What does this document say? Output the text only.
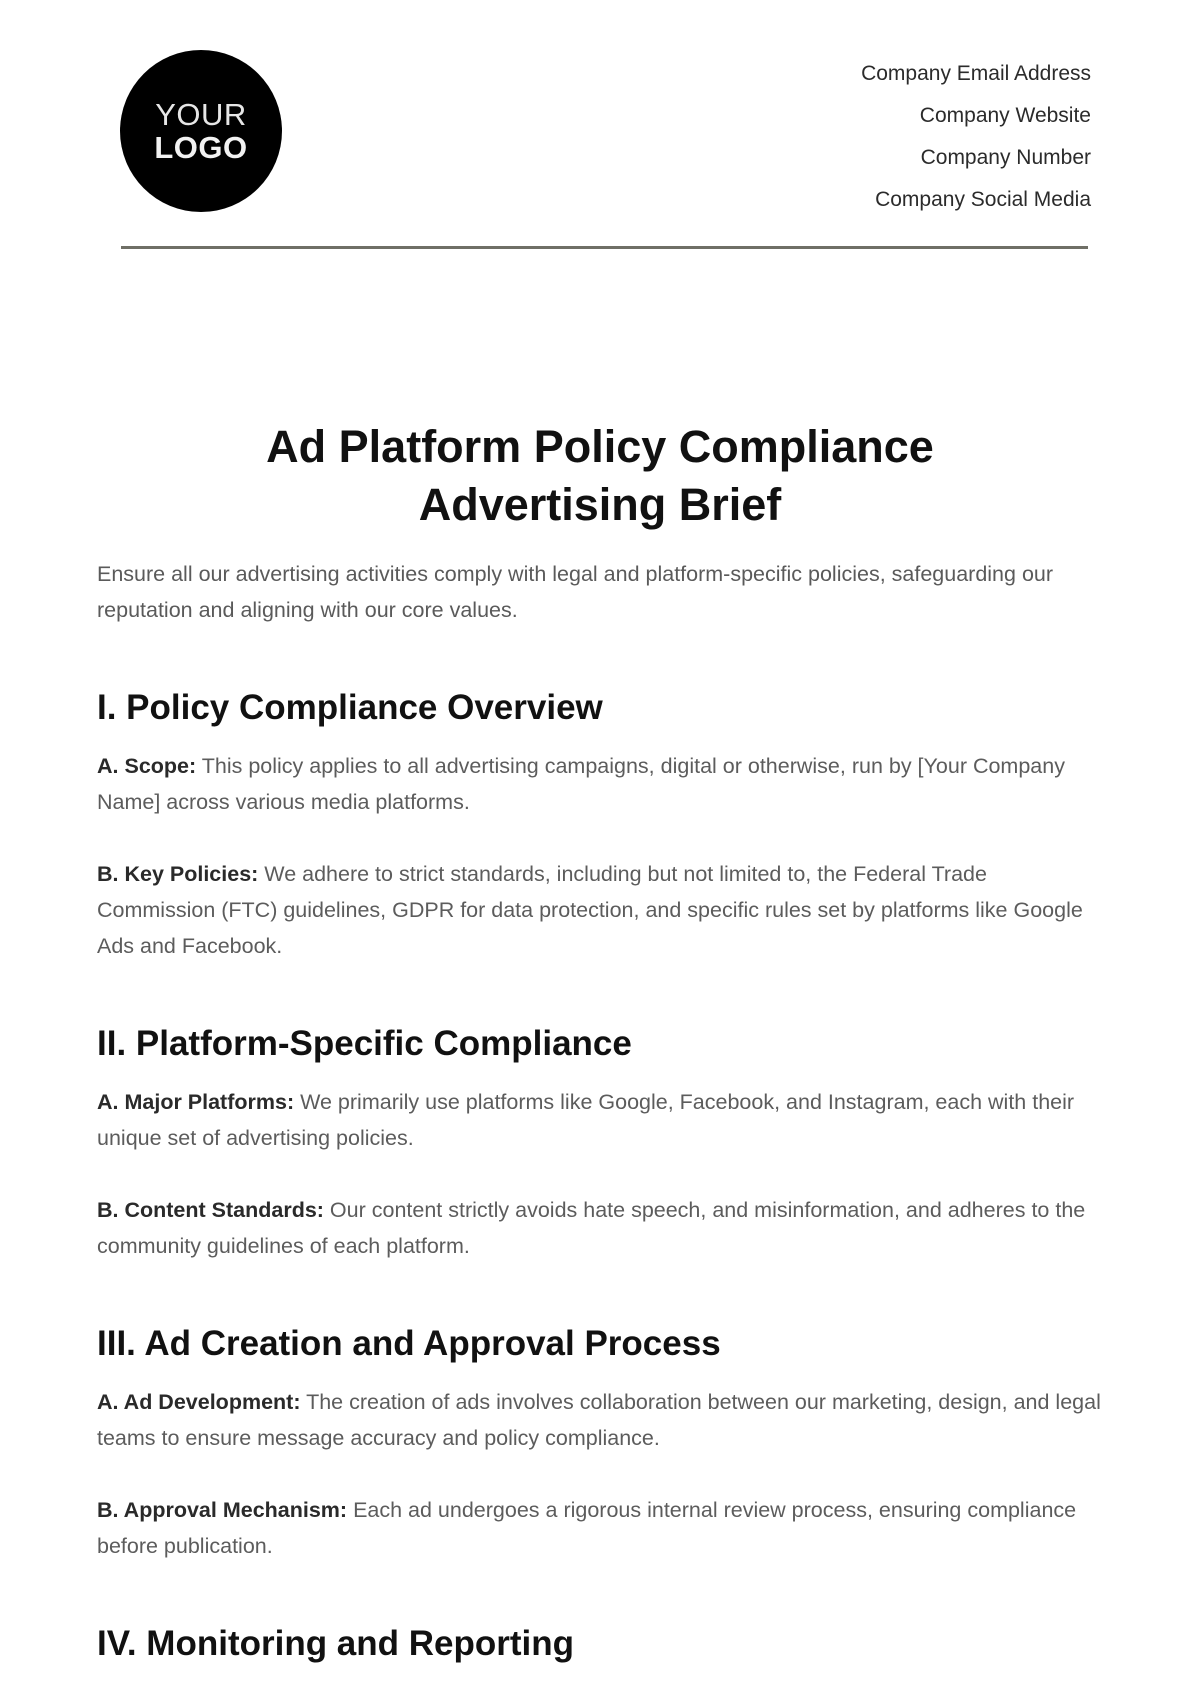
YOUR
LOGO
Company Email Address
Company Website
Company Number
Company Social Media
Ad Platform Policy Compliance
Advertising Brief

Ensure all our advertising activities comply with legal and platform-specific policies, safeguarding our reputation and aligning with our core values.

I. Policy Compliance Overview

A. Scope: This policy applies to all advertising campaigns, digital or otherwise, run by [Your Company Name] across various media platforms.

B. Key Policies: We adhere to strict standards, including but not limited to, the Federal Trade Commission (FTC) guidelines, GDPR for data protection, and specific rules set by platforms like Google Ads and Facebook.

II. Platform-Specific Compliance

A. Major Platforms: We primarily use platforms like Google, Facebook, and Instagram, each with their unique set of advertising policies.

B. Content Standards: Our content strictly avoids hate speech, and misinformation, and adheres to the community guidelines of each platform.

III. Ad Creation and Approval Process

A. Ad Development: The creation of ads involves collaboration between our marketing, design, and legal teams to ensure message accuracy and policy compliance.

B. Approval Mechanism: Each ad undergoes a rigorous internal review process, ensuring compliance before publication.

IV. Monitoring and Reporting
